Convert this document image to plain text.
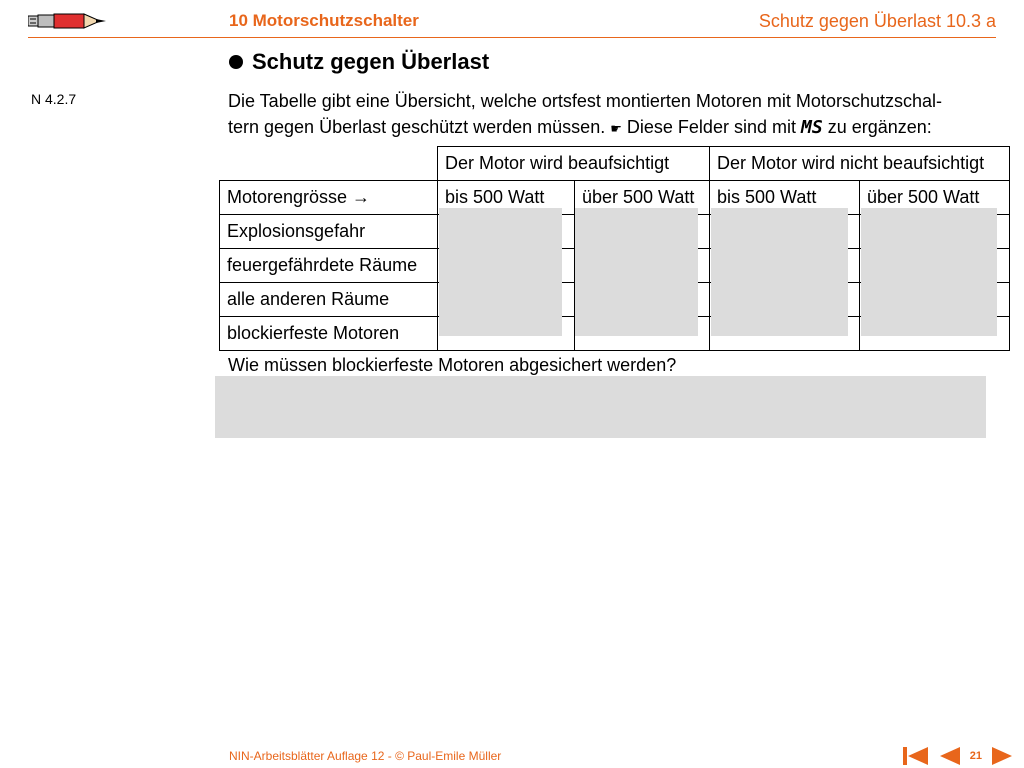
10 Motorschutzschalter	Schutz gegen Überlast 10.3 a
Schutz gegen Überlast
N 4.2.7	Die Tabelle gibt eine Übersicht, welche ortsfest montierten Motoren mit Motorschutzschal-
tern gegen Überlast geschützt werden müssen. ☛ Diese Felder sind mit MS zu ergänzen:
	Der Motor wird beaufsichtigt		Der Motor wird nicht beaufsichtigt	
Motorengrösse →	bis 500 Watt	über 500 Watt	bis 500 Watt	über 500 Watt
Explosionsgefahr				
feuergefährdete Räume				
alle anderen Räume				
blockierfeste Motoren				
Wie müssen blockierfeste Motoren abgesichert werden?
NIN-Arbeitsblätter Auflage 12 - © Paul-Emile Müller	21
